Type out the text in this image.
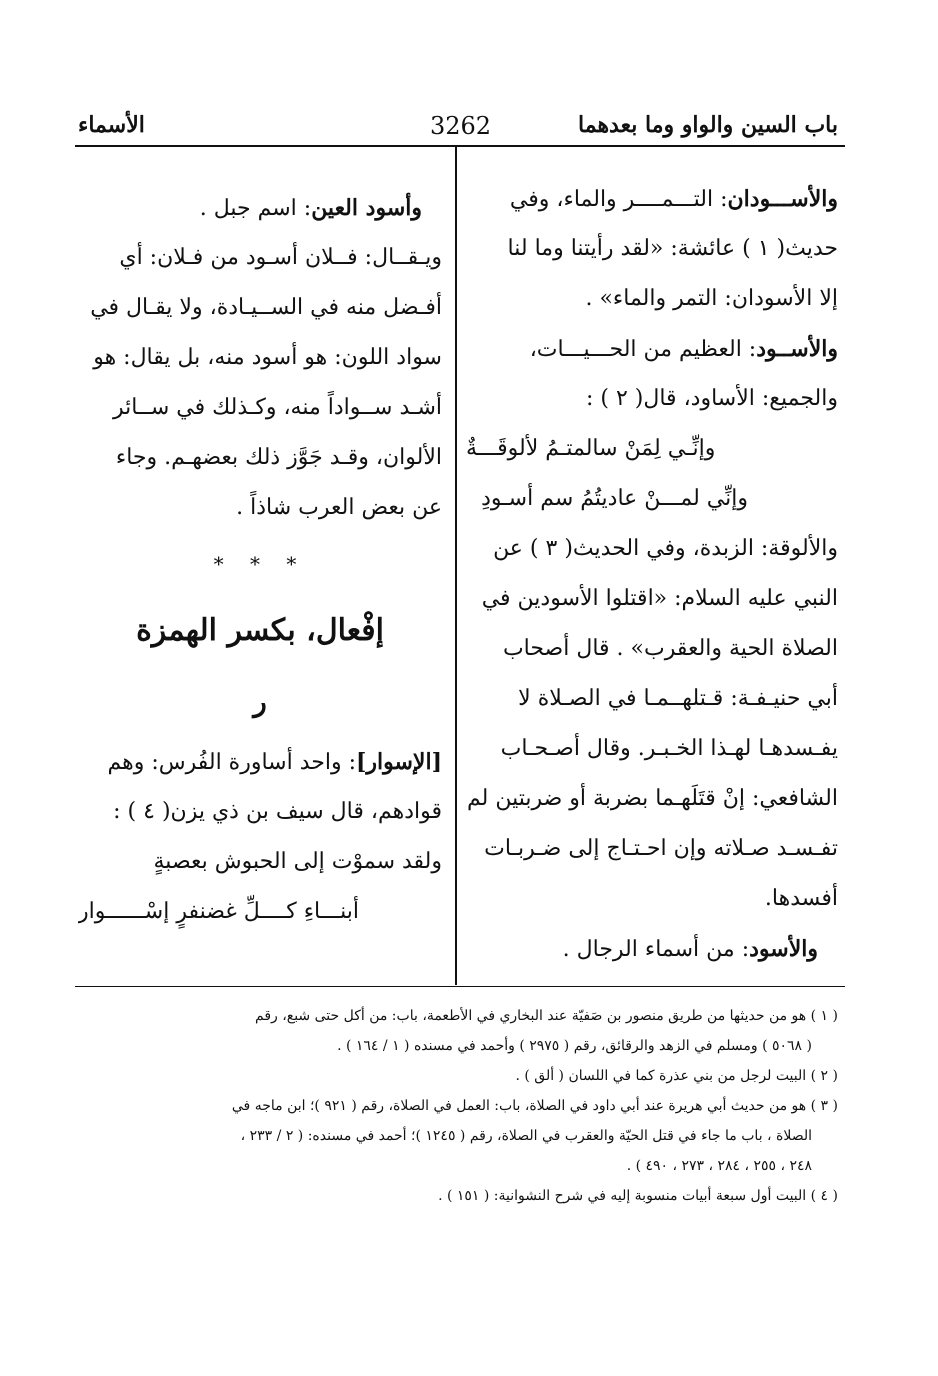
باب السين والواو وما بعدهما
3262
الأسماء
والأســـودان: التـــمــــر والماء، وفي
حديث( ١ ) عائشة: «لقد رأيتنا وما لنا
إلا الأسودان: التمر والماء» .
والأســود: العظيم من الحـــيـــات،
والجميع: الأساود، قال( ٢ ) :
وإنِّـي لِمَنْ سالمتـمُ لألوقَـــةٌ
وإنِّي لمـــنْ عاديتُمُ سم أسـودِ
والألوقة: الزبدة، وفي الحديث( ٣ ) عن
النبي عليه السلام: «اقتلوا الأسودين في
الصلاة الحية والعقرب» . قال أصحاب
أبي حنيـفـة: قـتلهــمـا في الصـلاة لا
يفـسدهـا لهـذا الخـبـر. وقال أصـحـاب
الشافعي: إنْ قتَلَهـما بضربة أو ضربتين لم
تفـسـد صـلاته وإن احـتـاج إلى ضـربـات
أفسدها.
والأسود: من أسماء الرجال .
وأسود العين: اسم جبل .
ويـقــال: فــلان أسـود من فـلان: أي
أفـضل منه في الســيـادة، ولا يقـال في
سواد اللون: هو أسود منه، بل يقال: هو
أشـد ســواداً منه، وكـذلك في ســائر
الألوان، وقـد جَوَّز ذلك بعضهـم. وجاء
عن بعض العرب شاذاً .
* * *
إفْعال، بكسر الهمزة
ر
[الإسوار]: واحد أساورة الفُرس: وهم
قوادهم، قال سيف بن ذي يزن( ٤ ) :
ولقد سموْت إلى الحبوش بعصبةٍ
أبنـــاءِ كــــلِّ غضنفرٍ إسْــــــوار
( ١ ) هو من حديثها من طريق منصور بن صَفيّة عند البخاري في الأطعمة، باب: من أكل حتى شبع، رقم
( ٥٠٦٨ ) ومسلم في الزهد والرقائق، رقم ( ٢٩٧٥ ) وأحمد في مسنده ( ١ / ١٦٤ ) .
( ٢ ) البيت لرجل من بني عذرة كما في اللسان ( ألق ) .
( ٣ ) هو من حديث أبي هريرة عند أبي داود في الصلاة، باب: العمل في الصلاة، رقم ( ٩٢١ )؛ ابن ماجه في
الصلاة ، باب ما جاء في قتل الحيّة والعقرب في الصلاة، رقم ( ١٢٤٥ )؛ أحمد في مسنده: ( ٢ / ٢٣٣ ،
٢٤٨ ، ٢٥٥ ، ٢٨٤ ، ٢٧٣ ، ٤٩٠ ) .
( ٤ ) البيت أول سبعة أبيات منسوبة إليه في شرح النشوانية: ( ١٥١ ) .
